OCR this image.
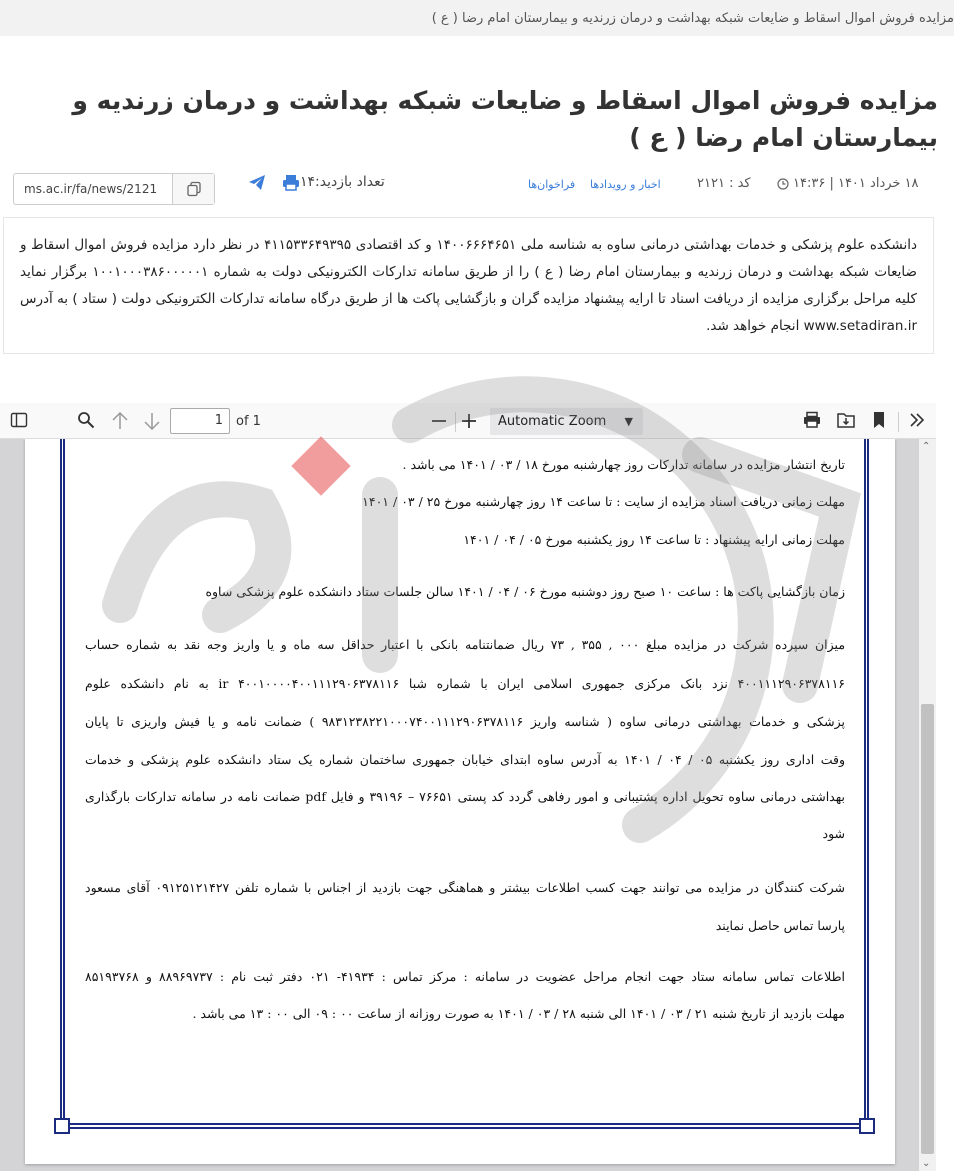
مزایده فروش اموال اسقاط و ضایعات شبکه بهداشت و درمان زرندیه و بیمارستان امام رضا ( ع )
مزایده فروش اموال اسقاط و ضایعات شبکه بهداشت و درمان زرندیه و بیمارستان امام رضا ( ع )
ms.ac.ir/fa/news/2121	تعداد بازدید:۱۴	فراخوان‌ها اخبار و رویدادها	کد : ۲۱۲۱	۱۸ خرداد ۱۴۰۱ | ۱۴:۳۶
دانشکده علوم پزشکی و خدمات بهداشتی درمانی ساوه به شناسه ملی ۱۴۰۰۶۶۶۴۶۵۱ و کد اقتصادی ۴۱۱۵۳۳۶۴۹۳۹۵ در نظر دارد مزایده فروش اموال اسقاط و ضایعات شبکه بهداشت و درمان زرندیه و بیمارستان امام رضا ( ع ) را از طریق سامانه تدارکات الکترونیکی دولت به شماره ۱۰۰۱۰۰۰۳۸۶۰۰۰۰۰۱ برگزار نماید کلیه مراحل برگزاری مزایده از دریافت اسناد تا ارایه پیشنهاد مزایده گران و بازگشایی پاکت ها از طریق درگاه سامانه تدارکات الکترونیکی دولت ( ستاد ) به آدرس www.setadiran.ir انجام خواهد شد.
1	of 1	Automatic Zoom ▼
تاریخ انتشار مزایده در سامانه تدارکات روز چهارشنبه مورخ ۱۸ / ۰۳ / ۱۴۰۱ می باشد .
مهلت زمانی دریافت اسناد مزایده از سایت : تا ساعت ۱۴ روز چهارشنبه مورخ ۲۵ / ۰۳ / ۱۴۰۱
مهلت زمانی ارایه پیشنهاد : تا ساعت ۱۴ روز یکشنبه مورخ ۰۵ / ۰۴ / ۱۴۰۱
زمان بازگشایی پاکت ها : ساعت ۱۰ صبح روز دوشنبه مورخ ۰۶ / ۰۴ / ۱۴۰۱ سالن جلسات ستاد دانشکده علوم پزشکی ساوه
میزان سپرده شرکت در مزایده مبلغ ۰۰۰ , ۳۵۵ , ۷۳ ریال ضمانتنامه بانکی با اعتبار حداقل سه ماه و یا واریز وجه نقد به شماره حساب
۴۰۰۱۱۱۲۹۰۶۳۷۸۱۱۶ نزد بانک مرکزی جمهوری اسلامی ایران با شماره شبا ۴۰۰۱۰۰۰۰۴۰۰۱۱۱۲۹۰۶۳۷۸۱۱۶ ir به نام دانشکده علوم
پزشکی و خدمات بهداشتی درمانی ساوه ( شناسه واریز ۹۸۳۱۲۳۸۲۲۱۰۰۰۷۴۰۰۱۱۱۲۹۰۶۳۷۸۱۱۶ ) ضمانت نامه و یا فیش واریزی تا پایان
وقت اداری روز یکشنبه ۰۵ / ۰۴ / ۱۴۰۱ به آدرس ساوه ابتدای خیابان جمهوری ساختمان شماره یک ستاد دانشکده علوم پزشکی و خدمات
بهداشتی درمانی ساوه تحویل اداره پشتیبانی و امور رفاهی گردد کد پستی ۷۶۶۵۱ – ۳۹۱۹۶ و فایل pdf ضمانت نامه در سامانه تدارکات بارگذاری
شود
شرکت کنندگان در مزایده می توانند جهت کسب اطلاعات بیشتر و هماهنگی جهت بازدید از اجناس با شماره تلفن ۰۹۱۲۵۱۲۱۴۲۷ آقای مسعود
پارسا تماس حاصل نمایند
اطلاعات تماس سامانه ستاد جهت انجام مراحل عضویت در سامانه : مرکز تماس : ۴۱۹۳۴- ۰۲۱ دفتر ثبت نام : ۸۸۹۶۹۷۳۷ و ۸۵۱۹۳۷۶۸
مهلت بازدید از تاریخ شنبه ۲۱ / ۰۳ / ۱۴۰۱ الی شنبه ۲۸ / ۰۳ / ۱۴۰۱ به صورت روزانه از ساعت ۰۰ : ۰۹ الی ۰۰ : ۱۳ می باشد .
⌃
⌄
